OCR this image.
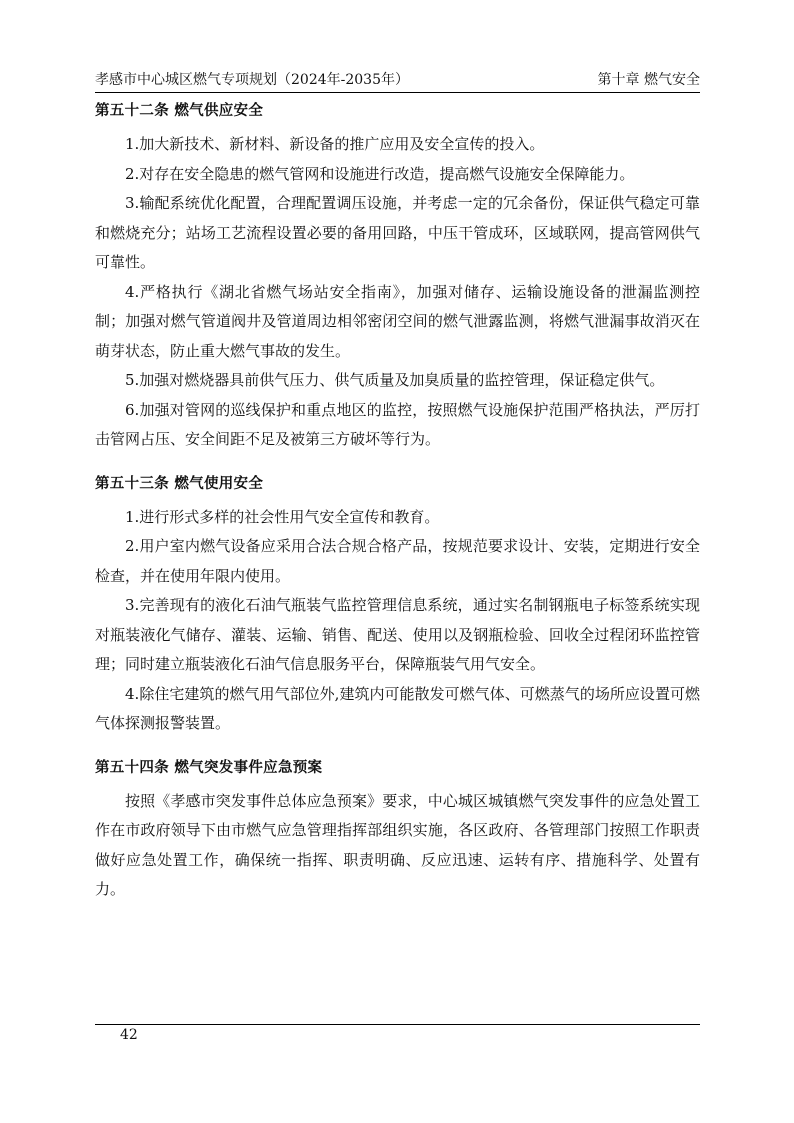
孝感市中心城区燃气专项规划（2024年-2035年）	第十章 燃气安全

第五十二条 燃气供应安全

1.加大新技术、新材料、新设备的推广应用及安全宣传的投入。

2.对存在安全隐患的燃气管网和设施进行改造，提高燃气设施安全保障能力。

3.输配系统优化配置，合理配置调压设施，并考虑一定的冗余备份，保证供气稳定可靠和燃烧充分；站场工艺流程设置必要的备用回路，中压干管成环，区域联网，提高管网供气可靠性。

4.严格执行《湖北省燃气场站安全指南》，加强对储存、运输设施设备的泄漏监测控制；加强对燃气管道阀井及管道周边相邻密闭空间的燃气泄露监测，将燃气泄漏事故消灭在萌芽状态，防止重大燃气事故的发生。

5.加强对燃烧器具前供气压力、供气质量及加臭质量的监控管理，保证稳定供气。

6.加强对管网的巡线保护和重点地区的监控，按照燃气设施保护范围严格执法，严厉打击管网占压、安全间距不足及被第三方破坏等行为。

第五十三条 燃气使用安全

1.进行形式多样的社会性用气安全宣传和教育。

2.用户室内燃气设备应采用合法合规合格产品，按规范要求设计、安装，定期进行安全检查，并在使用年限内使用。

3.完善现有的液化石油气瓶装气监控管理信息系统，通过实名制钢瓶电子标签系统实现对瓶装液化气储存、灌装、运输、销售、配送、使用以及钢瓶检验、回收全过程闭环监控管理；同时建立瓶装液化石油气信息服务平台，保障瓶装气用气安全。

4.除住宅建筑的燃气用气部位外,建筑内可能散发可燃气体、可燃蒸气的场所应设置可燃气体探测报警装置。

第五十四条 燃气突发事件应急预案

按照《孝感市突发事件总体应急预案》要求，中心城区城镇燃气突发事件的应急处置工作在市政府领导下由市燃气应急管理指挥部组织实施，各区政府、各管理部门按照工作职责做好应急处置工作，确保统一指挥、职责明确、反应迅速、运转有序、措施科学、处置有力。

42
